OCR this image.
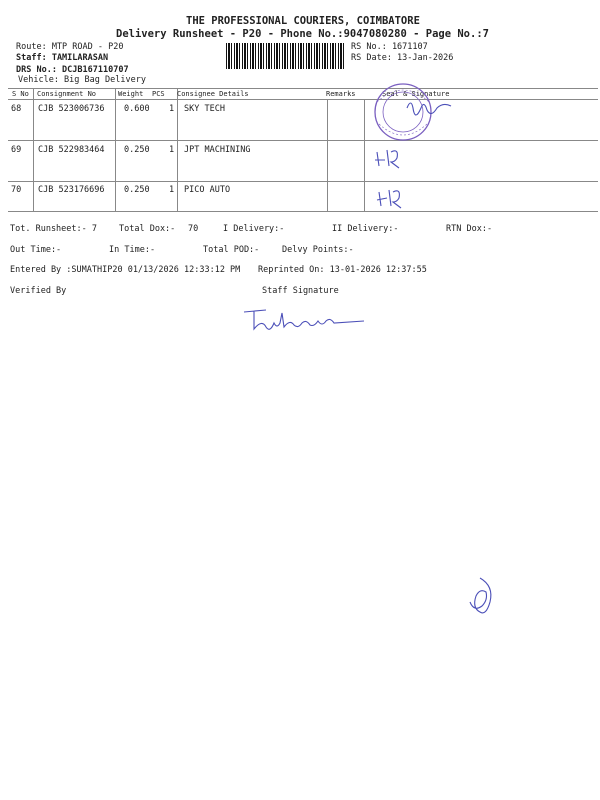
THE PROFESSIONAL COURIERS, COIMBATORE
Delivery Runsheet - P20 - Phone No.:9047080280 - Page No.:7
Route: MTP ROAD - P20
Staff: TAMILARASAN
DRS No.: DCJB167110707
Vehicle: Big Bag Delivery
RS No.: 1671107
RS Date: 13-Jan-2026
S No Consignment No	Weight PCS Consignee Details	Remarks	Seal & Signature
68 CJB 523006736 0.600 1 SKY TECH
69 CJB 522983464 0.250 1 JPT MACHINING
70 CJB 523176696 0.250 1 PICO AUTO
Tot. Runsheet:- 7	Total Dox:- 70	I Delivery:-	II Delivery:-	RTN Dox:-
Out Time:-	In Time:-	Total POD:-	Delvy Points:-
Entered By :SUMATHIP20 01/13/2026 12:33:12 PM Reprinted On: 13-01-2026 12:37:55
Verified By	Staff Signature
